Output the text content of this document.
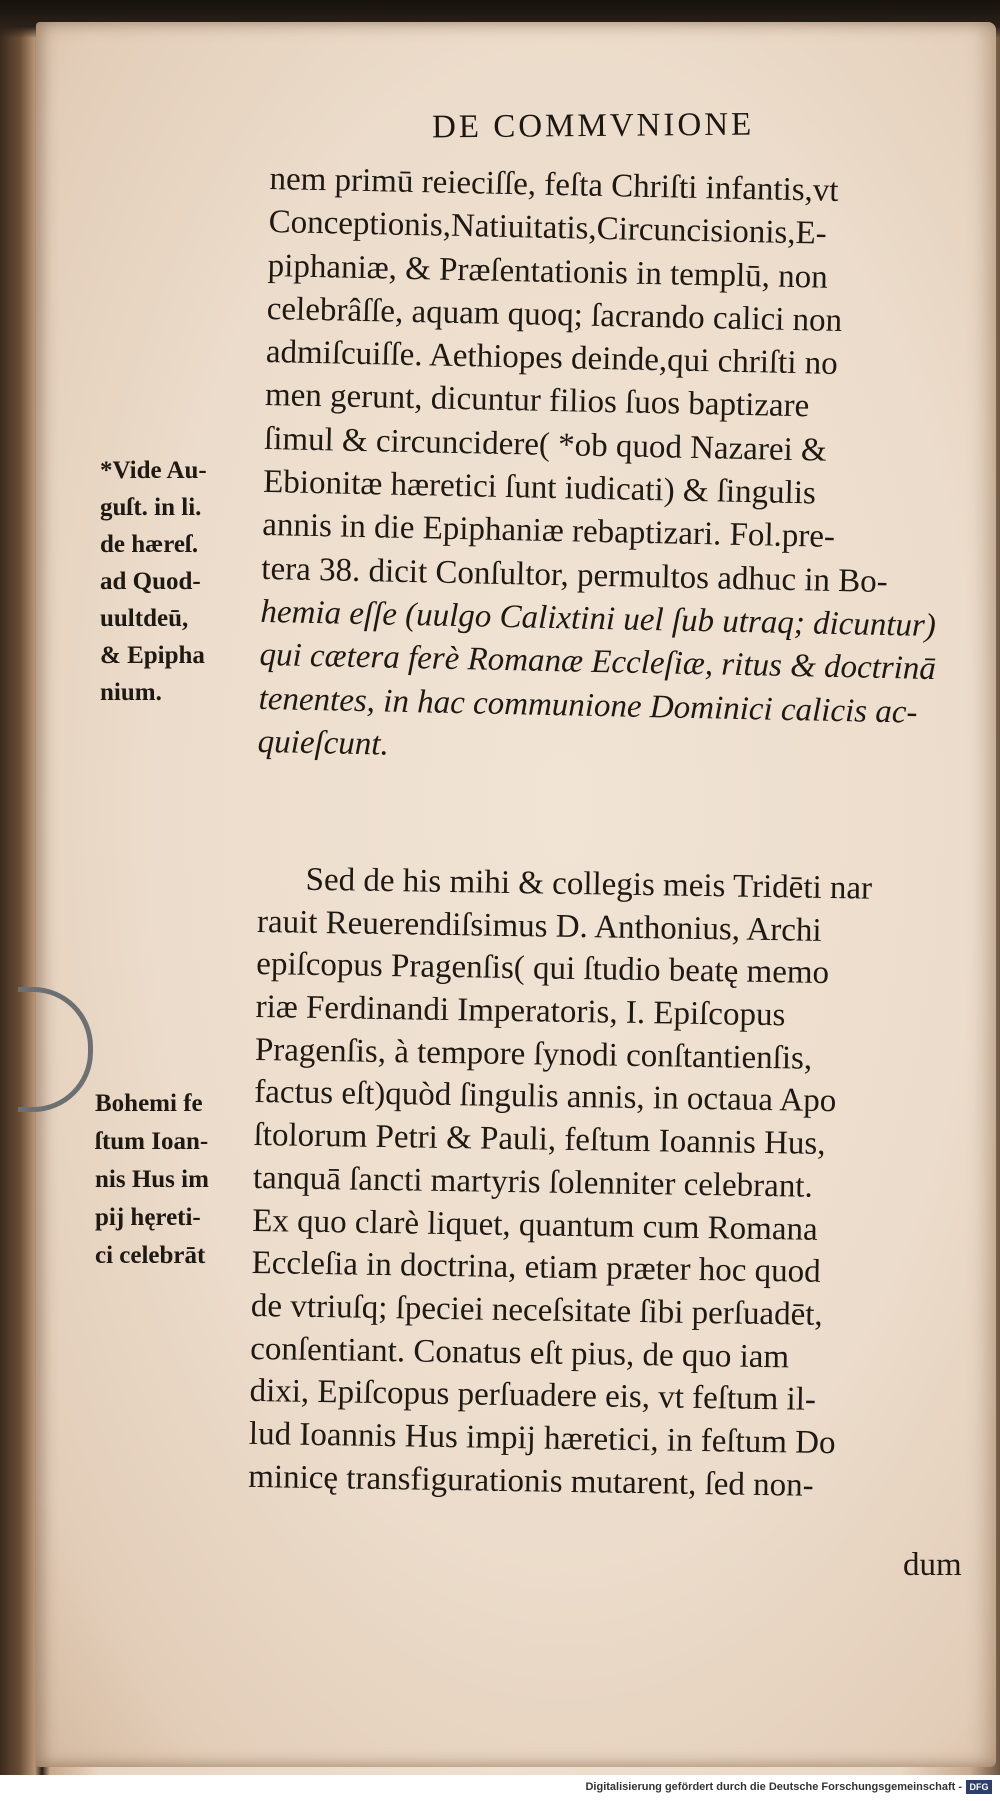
DE COMMVNIONE
nem primū reieciſſe, feſta Chriſti infantis,vt
Conceptionis,Natiuitatis,Circuncisionis,E-
piphaniæ, & Præſentationis in templū, non
celebrâſſe, aquam quoq; ſacrando calici non
admiſcuiſſe. Aethiopes deinde,qui chriſti no
men gerunt, dicuntur filios ſuos baptizare
ſimul & circuncidere( *ob quod Nazarei &
Ebionitæ hæretici ſunt iudicati) & ſingulis
annis in die Epiphaniæ rebaptizari. Fol.pre-
tera 38. dicit Conſultor, permultos adhuc in Bo-
hemia eſſe (uulgo Calixtini uel ſub utraq; dicuntur)
qui cætera ferè Romanæ Eccleſiæ, ritus & doctrinā
tenentes, in hac communione Dominici calicis ac-
quieſcunt.
Sed de his mihi & collegis meis Tridēti nar
rauit Reuerendiſsimus D. Anthonius, Archi
epiſcopus Pragenſis( qui ſtudio beatę memo
riæ Ferdinandi Imperatoris, I. Epiſcopus
Pragenſis, à tempore ſynodi conſtantienſis,
factus eſt)quòd ſingulis annis, in octaua Apo
ſtolorum Petri & Pauli, feſtum Ioannis Hus,
tanquā ſancti martyris ſolenniter celebrant.
Ex quo clarè liquet, quantum cum Romana
Eccleſia in doctrina, etiam præter hoc quod
de vtriuſq; ſpeciei neceſsitate ſibi perſuadēt,
conſentiant. Conatus eſt pius, de quo iam
dixi, Epiſcopus perſuadere eis, vt feſtum il-
lud Ioannis Hus impij hæretici, in feſtum Do
minicę transfigurationis mutarent, ſed non-
dum
*Vide Au-
guſt. in li.
de hæreſ.
ad Quod-
uultdeū,
& Epipha
nium.
Bohemi fe
ſtum Ioan-
nis Hus im
pij hęreti-
ci celebrāt
Digitalisierung gefördert durch die Deutsche Forschungsgemeinschaft - DFG
